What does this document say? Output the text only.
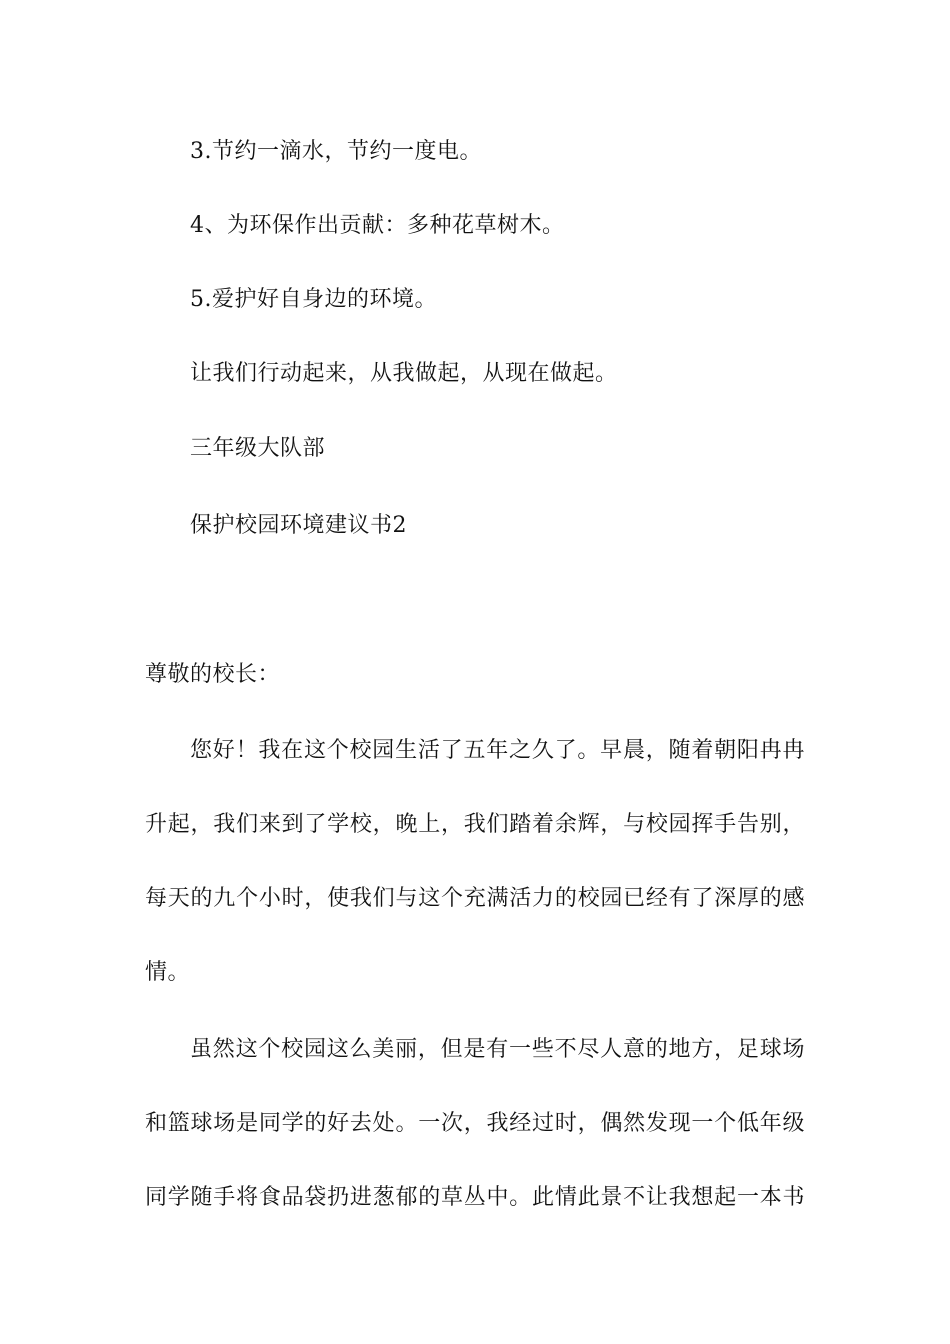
3.节约一滴水，节约一度电。
4、为环保作出贡献：多种花草树木。
5.爱护好自身边的环境。
让我们行动起来，从我做起，从现在做起。
三年级大队部
保护校园环境建议书2
尊敬的校长：
您好！我在这个校园生活了五年之久了。早晨，随着朝阳冉冉
升起，我们来到了学校，晚上，我们踏着余辉，与校园挥手告别，
每天的九个小时，使我们与这个充满活力的校园已经有了深厚的感
情。
虽然这个校园这么美丽，但是有一些不尽人意的地方，足球场
和篮球场是同学的好去处。一次，我经过时，偶然发现一个低年级
同学随手将食品袋扔进葱郁的草丛中。此情此景不让我想起一本书
